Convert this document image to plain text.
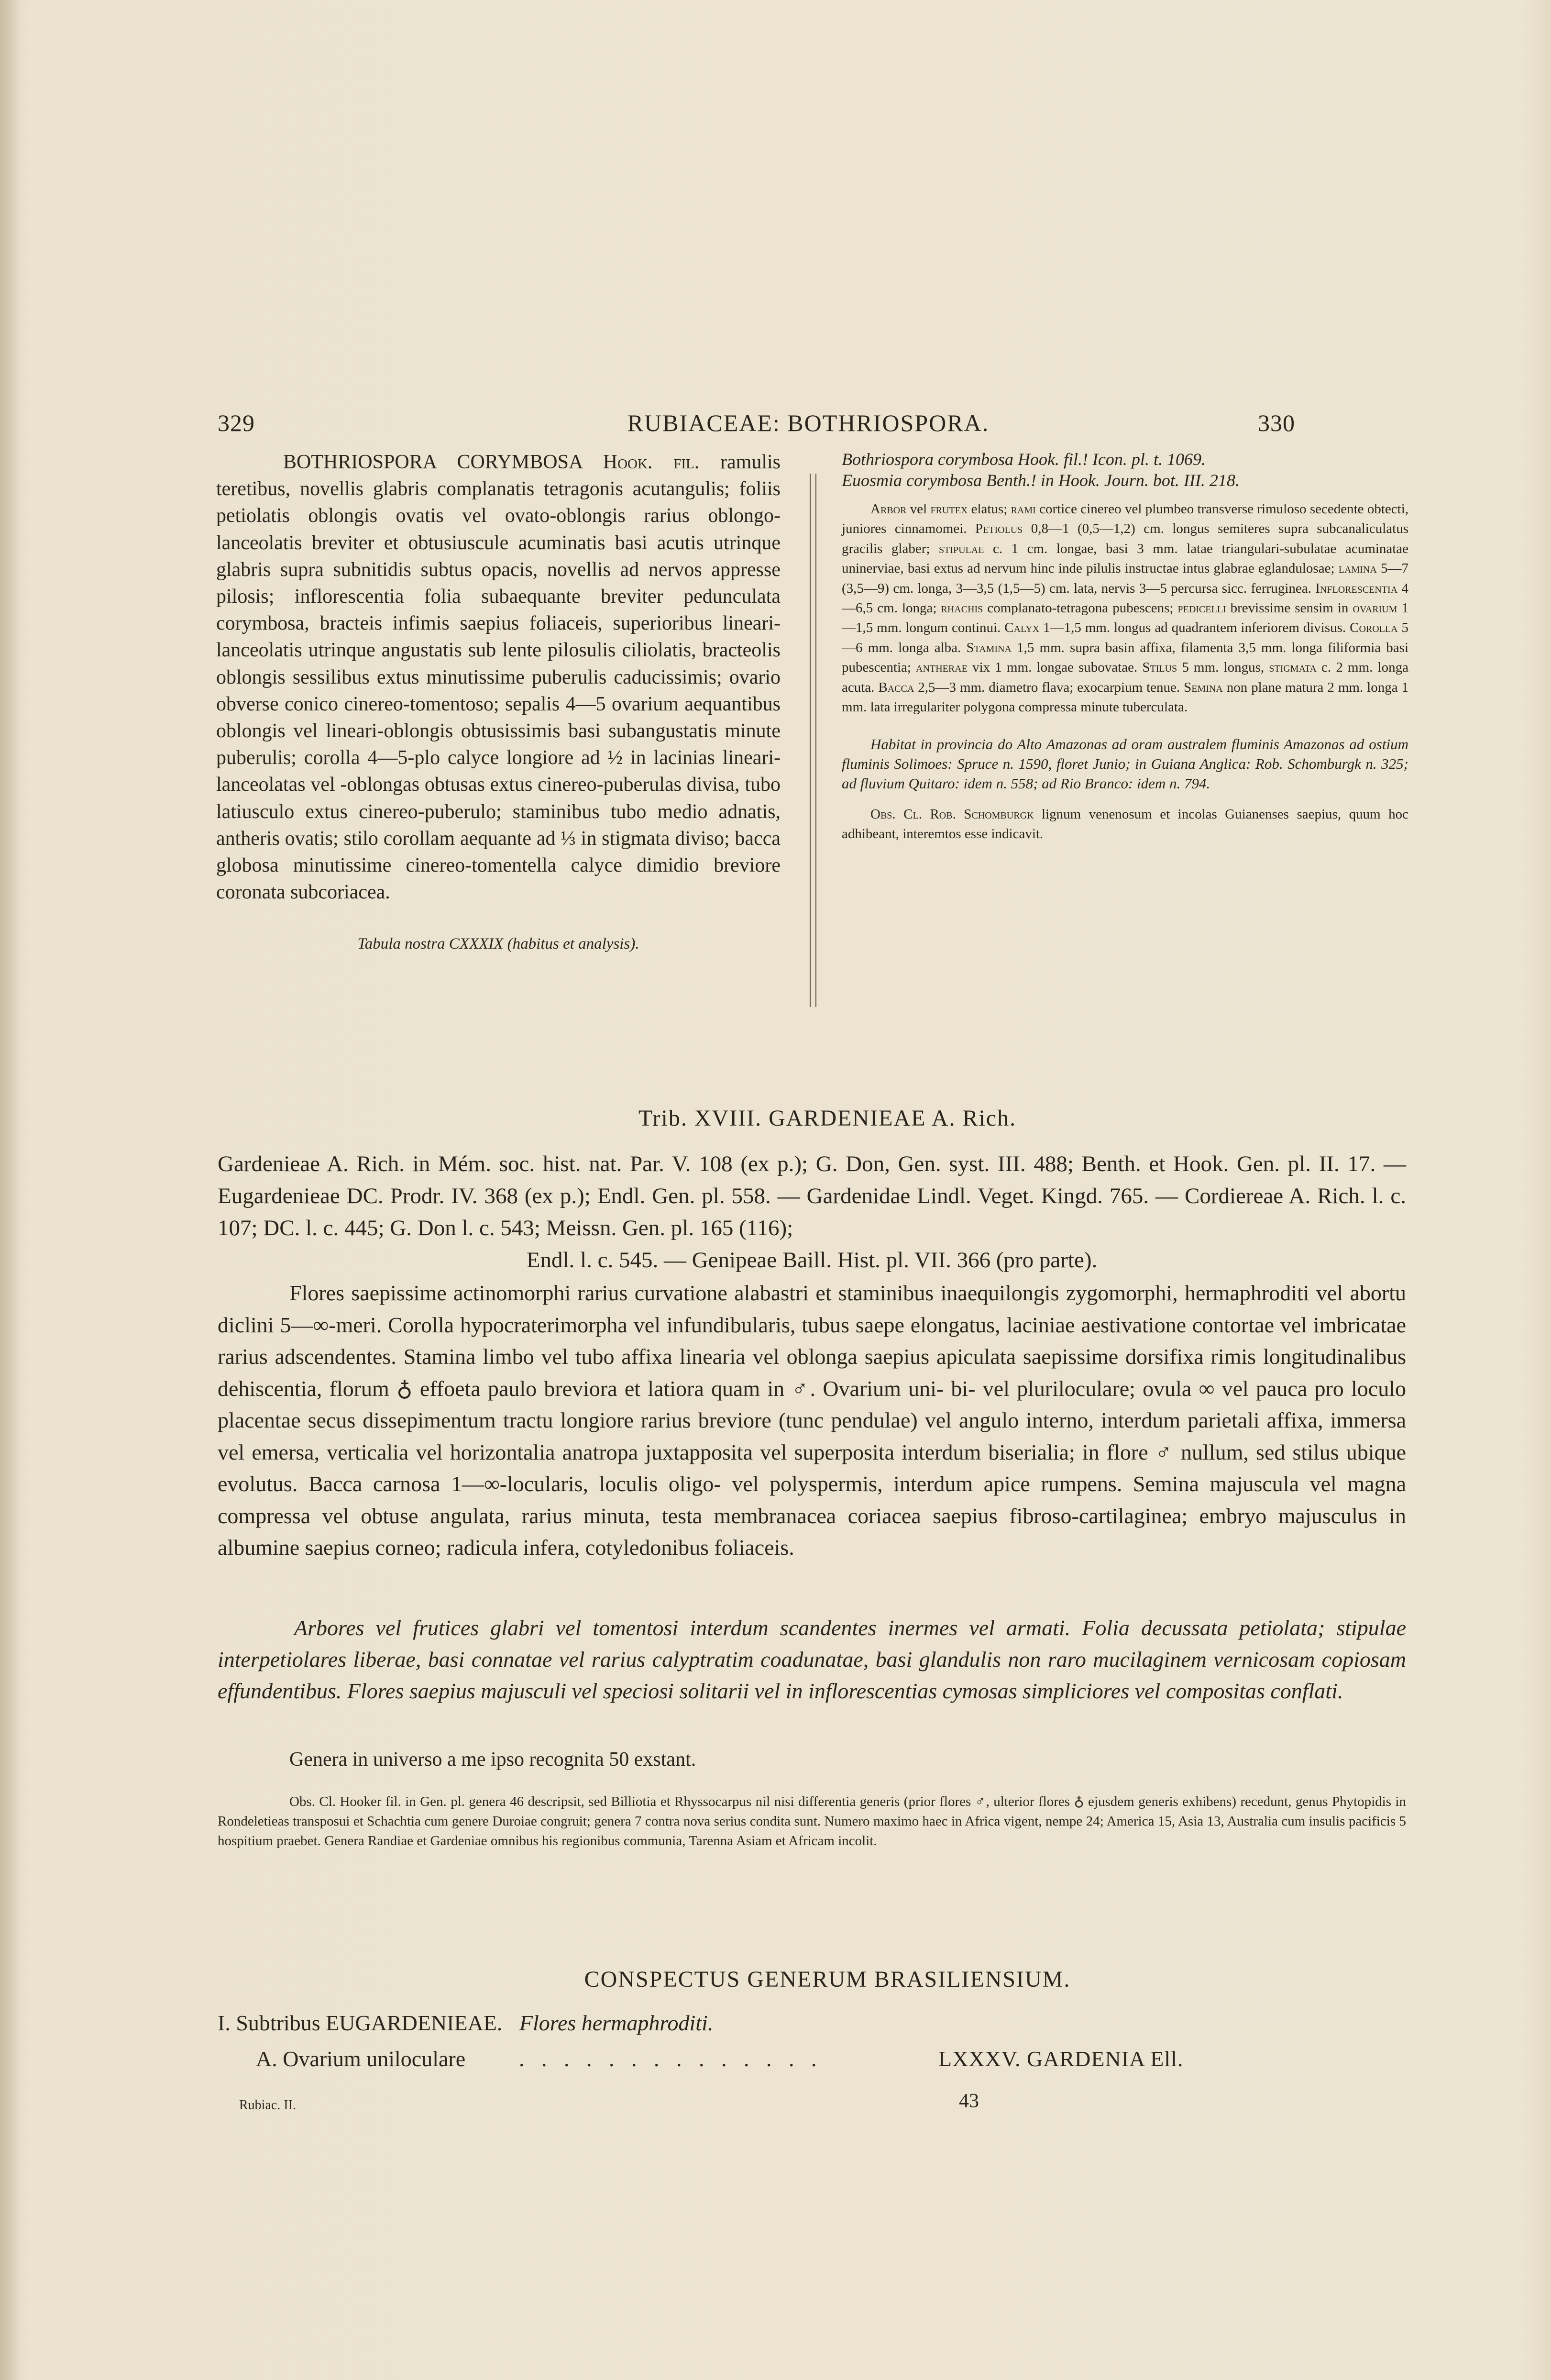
329	RUBIACEAE: BOTHRIOSPORA.	330
BOTHRIOSPORA CORYMBOSA Hook. fil. ramulis teretibus, novellis glabris complanatis tetragonis acutangulis; foliis petiolatis oblongis ovatis vel ovato-oblongis rarius oblongo-lanceolatis breviter et obtusiuscule acuminatis basi acutis utrinque glabris supra subnitidis subtus opacis, novellis ad nervos appresse pilosis; inflorescentia folia subaequante breviter pedunculata corymbosa, bracteis infimis saepius foliaceis, superioribus lineari-lanceolatis utrinque angustatis sub lente pilosulis ciliolatis, bracteolis oblongis sessilibus extus minutissime puberulis caducissimis; ovario obverse conico cinereo-tomentoso; sepalis 4—5 ovarium aequantibus oblongis vel lineari-oblongis obtusissimis basi subangustatis minute puberulis; corolla 4—5-plo calyce longiore ad ½ in lacinias lineari-lanceolatas vel -oblongas obtusas extus cinereo-puberulas divisa, tubo latiusculo extus cinereo-puberulo; staminibus tubo medio adnatis, antheris ovatis; stilo corollam aequante ad ⅓ in stigmata diviso; bacca globosa minutissime cinereo-tomentella calyce dimidio breviore coronata subcoriacea.
Tabula nostra CXXXIX (habitus et analysis).
Bothriospora corymbosa Hook. fil.! Icon. pl. t. 1069.
Euosmia corymbosa Benth.! in Hook. Journ. bot. III. 218.
Arbor vel frutex elatus; rami cortice cinereo vel plumbeo transverse rimuloso secedente obtecti, juniores cinnamomei. Petiolus 0,8—1 (0,5—1,2) cm. longus semiteres supra subcanaliculatus gracilis glaber; stipulae c. 1 cm. longae, basi 3 mm. latae triangulari-subulatae acuminatae uninerviae, basi extus ad nervum hinc inde pilulis instructae intus glabrae eglandulosae; lamina 5—7 (3,5—9) cm. longa, 3—3,5 (1,5—5) cm. lata, nervis 3—5 percursa sicc. ferruginea. Inflorescentia 4—6,5 cm. longa; rhachis complanato-tetragona pubescens; pedicelli brevissime sensim in ovarium 1—1,5 mm. longum continui. Calyx 1—1,5 mm. longus ad quadrantem inferiorem divisus. Corolla 5—6 mm. longa alba. Stamina 1,5 mm. supra basin affixa, filamenta 3,5 mm. longa filiformia basi pubescentia; antherae vix 1 mm. longae subovatae. Stilus 5 mm. longus, stigmata c. 2 mm. longa acuta. Bacca 2,5—3 mm. diametro flava; exocarpium tenue. Semina non plane matura 2 mm. longa 1 mm. lata irregulariter polygona compressa minute tuberculata.
Habitat in provincia do Alto Amazonas ad oram australem fluminis Amazonas ad ostium fluminis Solimoes: Spruce n. 1590, floret Junio; in Guiana Anglica: Rob. Schomburgk n. 325; ad fluvium Quitaro: idem n. 558; ad Rio Branco: idem n. 794.
Obs. Cl. Rob. Schomburgk lignum venenosum et incolas Guianenses saepius, quum hoc adhibeant, interemtos esse indicavit.
Trib. XVIII. GARDENIEAE A. Rich.
Gardenieae A. Rich. in Mém. soc. hist. nat. Par. V. 108 (ex p.); G. Don, Gen. syst. III. 488; Benth. et Hook. Gen. pl. II. 17. — Eugardenieae DC. Prodr. IV. 368 (ex p.); Endl. Gen. pl. 558. — Gardenidae Lindl. Veget. Kingd. 765. — Cordiereae A. Rich. l. c. 107; DC. l. c. 445; G. Don l. c. 543; Meissn. Gen. pl. 165 (116);
Endl. l. c. 545. — Genipeae Baill. Hist. pl. VII. 366 (pro parte).
Flores saepissime actinomorphi rarius curvatione alabastri et staminibus inaequilongis zygomorphi, hermaphroditi vel abortu diclini 5—∞-meri. Corolla hypocraterimorpha vel infundibularis, tubus saepe elongatus, laciniae aestivatione contortae vel imbricatae rarius adscendentes. Stamina limbo vel tubo affixa linearia vel oblonga saepius apiculata saepissime dorsifixa rimis longitudinalibus dehiscentia, florum ♁ effoeta paulo breviora et latiora quam in ♂. Ovarium uni- bi- vel pluriloculare; ovula ∞ vel pauca pro loculo placentae secus dissepimentum tractu longiore rarius breviore (tunc pendulae) vel angulo interno, interdum parietali affixa, immersa vel emersa, verticalia vel horizontalia anatropa juxtapposita vel superposita interdum biserialia; in flore ♂ nullum, sed stilus ubique evolutus. Bacca carnosa 1—∞-locularis, loculis oligo- vel polyspermis, interdum apice rumpens. Semina majuscula vel magna compressa vel obtuse angulata, rarius minuta, testa membranacea coriacea saepius fibroso-cartilaginea; embryo majusculus in albumine saepius corneo; radicula infera, cotyledonibus foliaceis.
Arbores vel frutices glabri vel tomentosi interdum scandentes inermes vel armati. Folia decussata petiolata; stipulae interpetiolares liberae, basi connatae vel rarius calyptratim coadunatae, basi glandulis non raro mucilaginem vernicosam copiosam effundentibus. Flores saepius majusculi vel speciosi solitarii vel in inflorescentias cymosas simpliciores vel compositas conflati.
Genera in universo a me ipso recognita 50 exstant.
Obs. Cl. Hooker fil. in Gen. pl. genera 46 descripsit, sed Billiotia et Rhyssocarpus nil nisi differentia generis (prior flores ♂, ulterior flores ♁ ejusdem generis exhibens) recedunt, genus Phytopidis in Rondeletieas transposui et Schachtia cum genere Duroiae congruit; genera 7 contra nova serius condita sunt. Numero maximo haec in Africa vigent, nempe 24; America 15, Asia 13, Australia cum insulis pacificis 5 hospitium praebet. Genera Randiae et Gardeniae omnibus his regionibus communia, Tarenna Asiam et Africam incolit.
CONSPECTUS GENERUM BRASILIENSIUM.
I. Subtribus EUGARDENIEAE. Flores hermaphroditi.
A. Ovarium uniloculare . . . . . . . . . . . . . .	LXXXV. GARDENIA Ell.
Rubiac. II.	43
